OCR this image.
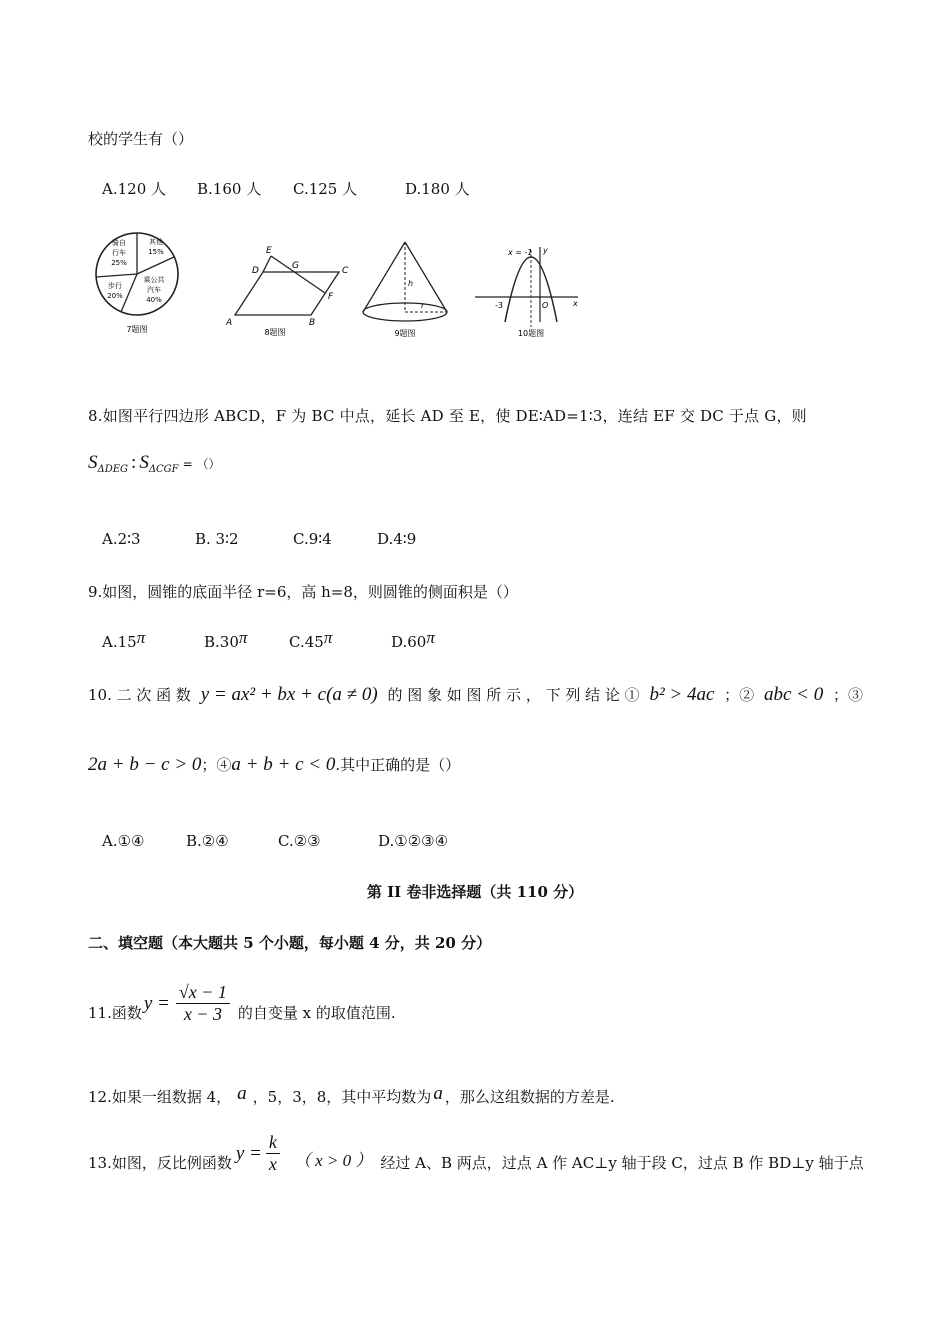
校的学生有（）
A.120 人 B.160 人 C.125 人	D.180 人
骑自
行车
25%
其他
15%
乘公共
汽车
40%
步行
20%
7题图
E
D	G	C
F
A	B
8题图
h
r
9题图
x = -1 y
x
-3	O
10题图
8.如图平行四边形 ABCD，F 为 BC 中点，延长 AD 至 E，使 DE∶AD=1∶3，连结 EF 交 DC 于点 G，则
$S_{\Delta DEG}$ : $S_{\Delta CGF}$ = （）
A.2∶3	B. 3∶2	C.9∶4	D.4∶9
9.如图，圆锥的底面半径 r=6，高 h=8，则圆锥的侧面积是（）
A.15π	B.30π	C.45π	D.60π
10. 二 次 函 数 y = ax² + bx + c(a ≠ 0) 的 图 象 如 图 所 示 ， 下 列 结 论 ① b² > 4ac ；② abc < 0 ；③
2a + b − c > 0；④a + b + c < 0.其中正确的是（）
A.①④	B.②④	C.②③	D.①②③④
第 II 卷非选择题（共 110 分）
二、填空题（本大题共 5 个小题，每小题 4 分，共 20 分）
11.函数 $y = \frac{√x - 1}{x - 3}$ 的自变量 x 的取值范围.
12.如果一组数据 4， a ，5，3，8，其中平均数为 a ，那么这组数据的方差是.
13.如图，反比例函数 $y = \frac{k}{x}$ （ x > 0 ） 经过 A、B 两点，过点 A 作 AC⊥y 轴于段 C，过点 B 作 BD⊥y 轴于点
